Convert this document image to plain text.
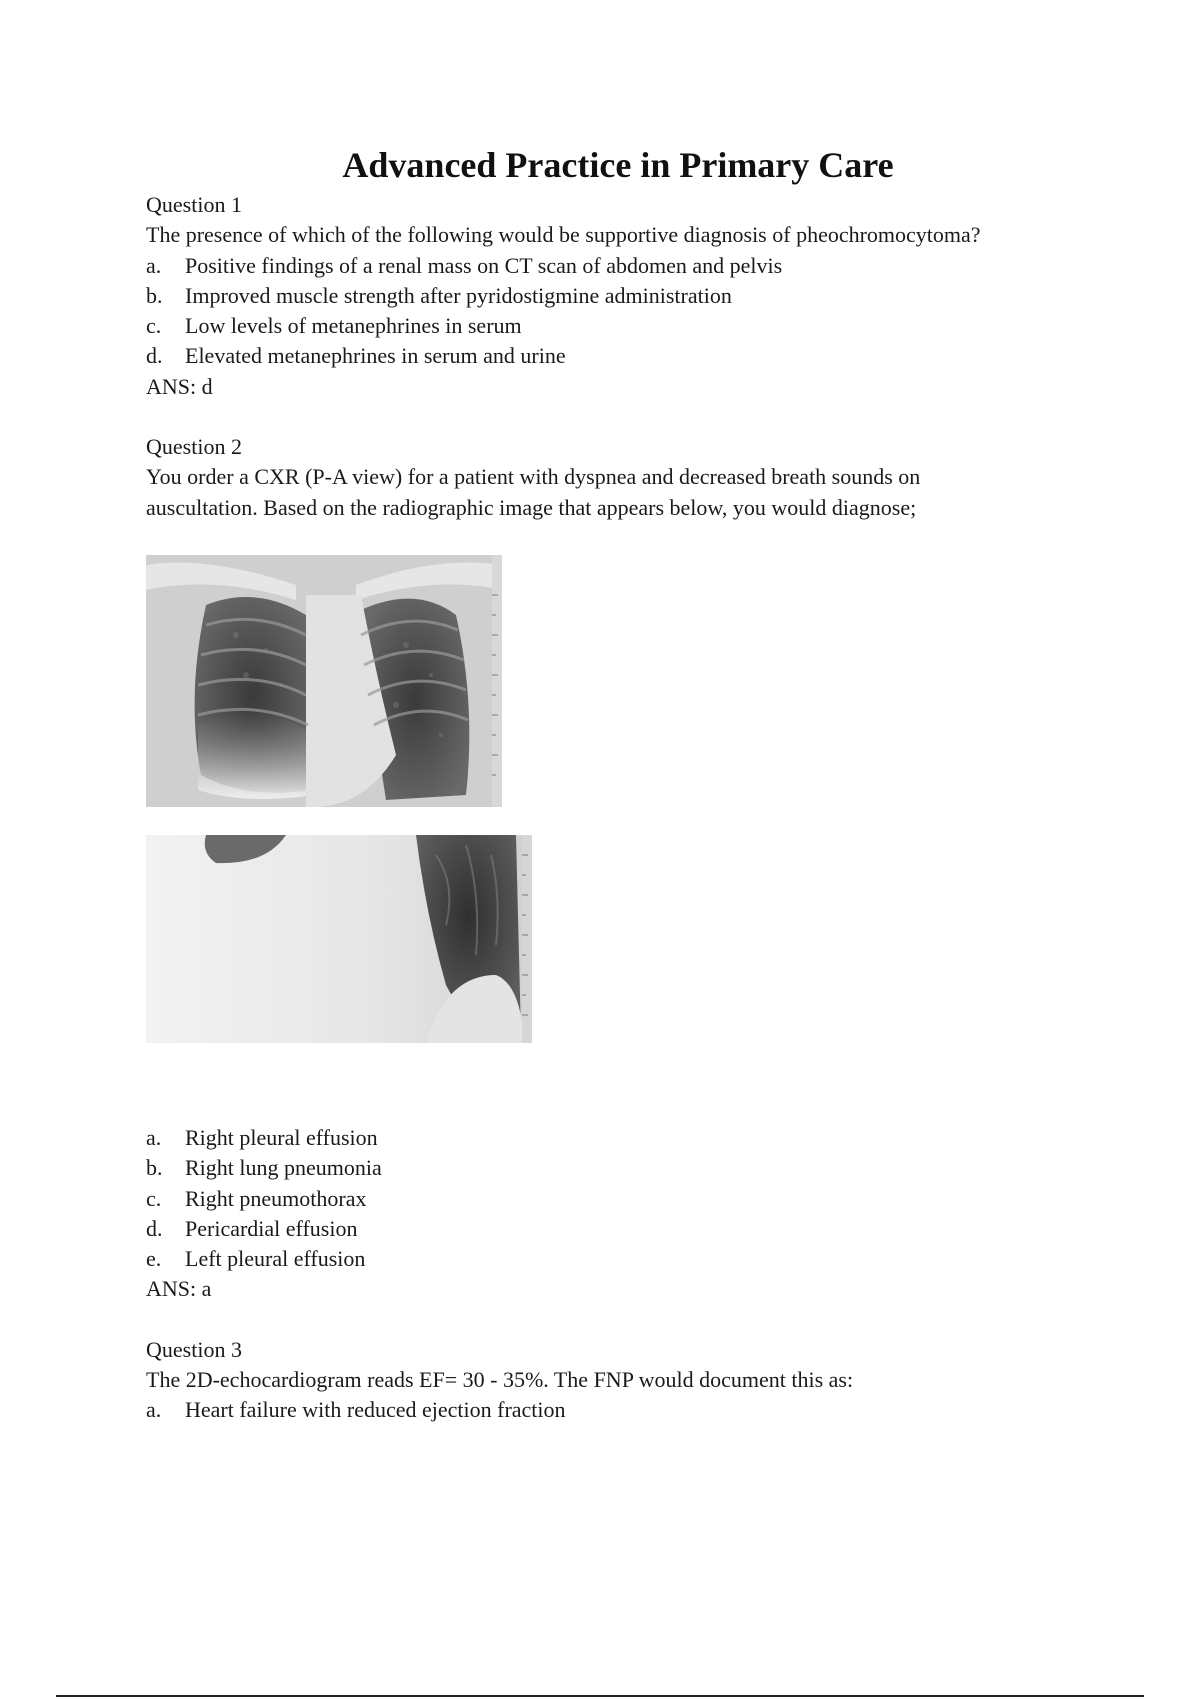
Advanced Practice in Primary Care

Question 1

The presence of which of the following would be supportive diagnosis of pheochromocytoma?

a.	Positive findings of a renal mass on CT scan of abdomen and pelvis
b.	Improved muscle strength after pyridostigmine administration
c.	Low levels of metanephrines in serum
d.	Elevated metanephrines in serum and urine

ANS: d

Question 2

You order a CXR (P-A view) for a patient with dyspnea and decreased breath sounds on

auscultation. Based on the radiographic image that appears below, you would diagnose;

a.	Right pleural effusion
b.	Right lung pneumonia
c.	Right pneumothorax
d.	Pericardial effusion
e.	Left pleural effusion

ANS: a

Question 3

The 2D-echocardiogram reads EF= 30 - 35%. The FNP would document this as:

a.	Heart failure with reduced ejection fraction
